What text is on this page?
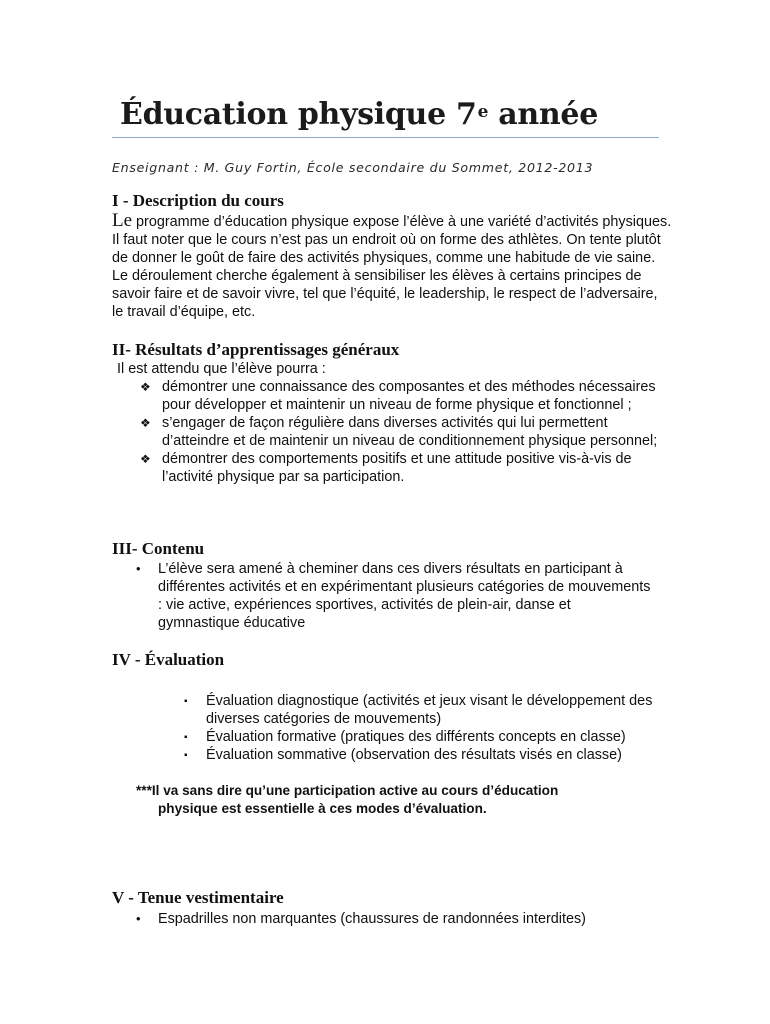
Éducation physique 7e année
Enseignant : M. Guy Fortin, École secondaire du Sommet, 2012-2013
I - Description du cours
Le programme d’éducation physique expose l’élève à une variété d’activités physiques. Il faut noter que le cours n’est pas un endroit où on forme des athlètes. On tente plutôt de donner le goût de faire des activités physiques, comme une habitude de vie saine. Le déroulement cherche également à sensibiliser les élèves à certains principes de savoir faire et de savoir vivre, tel que l’équité, le leadership, le respect de l’adversaire, le travail d’équipe, etc.
II- Résultats d’apprentissages généraux
Il est attendu que l’élève pourra :
❖ démontrer une connaissance des composantes et des méthodes nécessaires pour développer et maintenir un niveau de forme physique et fonctionnel ;
❖ s’engager de façon régulière dans diverses activités qui lui permettent d’atteindre et de maintenir un niveau de conditionnement physique personnel;
❖ démontrer des comportements positifs et une attitude positive vis-à-vis de l’activité physique par sa participation.
III- Contenu
• L’élève sera amené à cheminer dans ces divers résultats en participant à différentes activités et en expérimentant plusieurs catégories de mouvements : vie active, expériences sportives, activités de plein-air, danse et gymnastique éducative
IV - Évaluation
▪ Évaluation diagnostique (activités et jeux visant le développement des diverses catégories de mouvements)
▪ Évaluation formative (pratiques des différents concepts en classe)
▪ Évaluation sommative (observation des résultats visés en classe)
***Il va sans dire qu’une participation active au cours d’éducation
physique est essentielle à ces modes d’évaluation.
V - Tenue vestimentaire
• Espadrilles non marquantes (chaussures de randonnées interdites)
